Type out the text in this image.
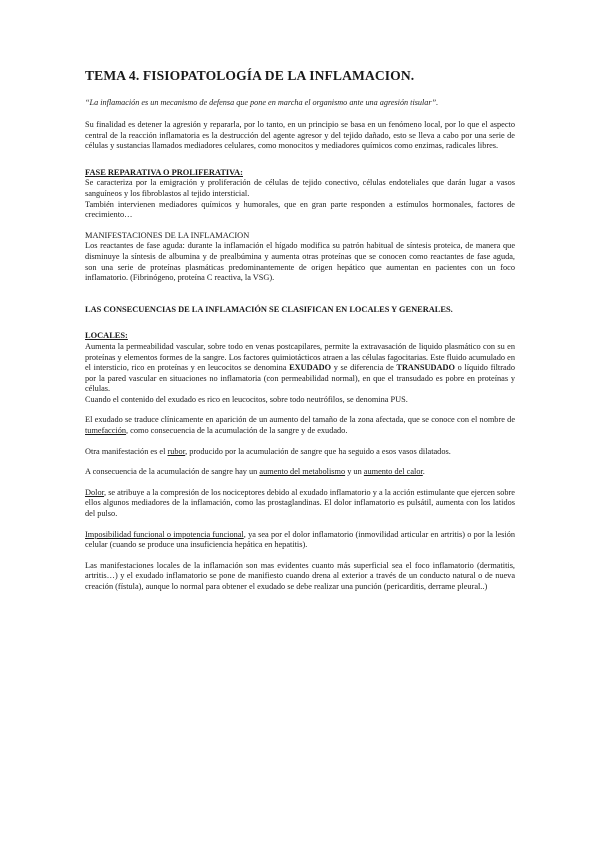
TEMA 4. FISIOPATOLOGÍA DE LA INFLAMACION.

“La inflamación es un mecanismo de defensa que pone en marcha el organismo ante una agresión tisular”.

Su finalidad es detener la agresión y repararla, por lo tanto, en un principio se basa en un fenómeno local, por lo que el aspecto central de la reacción inflamatoria es la destrucción del agente agresor y del tejido dañado, esto se lleva a cabo por una serie de células y sustancias llamados mediadores celulares, como monocitos y mediadores químicos como enzimas, radicales libres.

FASE REPARATIVA O PROLIFERATIVA:

Se caracteriza por la emigración y proliferación de células de tejido conectivo, células endoteliales que darán lugar a vasos sanguíneos y los fibroblastos al tejido intersticial.

También intervienen mediadores químicos y humorales, que en gran parte responden a estímulos hormonales, factores de crecimiento…

MANIFESTACIONES DE LA INFLAMACION

Los reactantes de fase aguda: durante la inflamación el hígado modifica su patrón habitual de síntesis proteica, de manera que disminuye la síntesis de albumina y de prealbúmina y aumenta otras proteínas que se conocen como reactantes de fase aguda, son una serie de proteínas plasmáticas predominantemente de origen hepático que aumentan en pacientes con un foco inflamatorio. (Fibrinógeno, proteína C reactiva, la VSG).

LAS CONSECUENCIAS DE LA INFLAMACIÓN SE CLASIFICAN EN LOCALES Y GENERALES.

LOCALES:

Aumenta la permeabilidad vascular, sobre todo en venas postcapilares, permite la extravasación de liquido plasmático con su en proteínas y elementos formes de la sangre. Los factores quimiotácticos atraen a las células fagocitarias. Este fluido acumulado en el intersticio, rico en proteínas y en leucocitos se denomina EXUDADO y se diferencia de TRANSUDADO o líquido filtrado por la pared vascular en situaciones no inflamatoria (con permeabilidad normal), en que el transudado es pobre en proteínas y células.

Cuando el contenido del exudado es rico en leucocitos, sobre todo neutrófilos, se denomina PUS.

El exudado se traduce clínicamente en aparición de un aumento del tamaño de la zona afectada, que se conoce con el nombre de tumefacción, como consecuencia de la acumulación de la sangre y de exudado.

Otra manifestación es el rubor, producido por la acumulación de sangre que ha seguido a esos vasos dilatados.

A consecuencia de la acumulación de sangre hay un aumento del metabolismo y un aumento del calor.

Dolor, se atribuye a la compresión de los nociceptores debido al exudado inflamatorio y a la acción estimulante que ejercen sobre ellos algunos mediadores de la inflamación, como las prostaglandinas. El dolor inflamatorio es pulsátil, aumenta con los latidos del pulso.

Imposibilidad funcional o impotencia funcional, ya sea por el dolor inflamatorio (inmovilidad articular en artritis) o por la lesión celular (cuando se produce una insuficiencia hepática en hepatitis).

Las manifestaciones locales de la inflamación son mas evidentes cuanto más superficial sea el foco inflamatorio (dermatitis, artritis…) y el exudado inflamatorio se pone de manifiesto cuando drena al exterior a través de un conducto natural o de nueva creación (fístula), aunque lo normal para obtener el exudado se debe realizar una punción (pericarditis, derrame pleural..)
